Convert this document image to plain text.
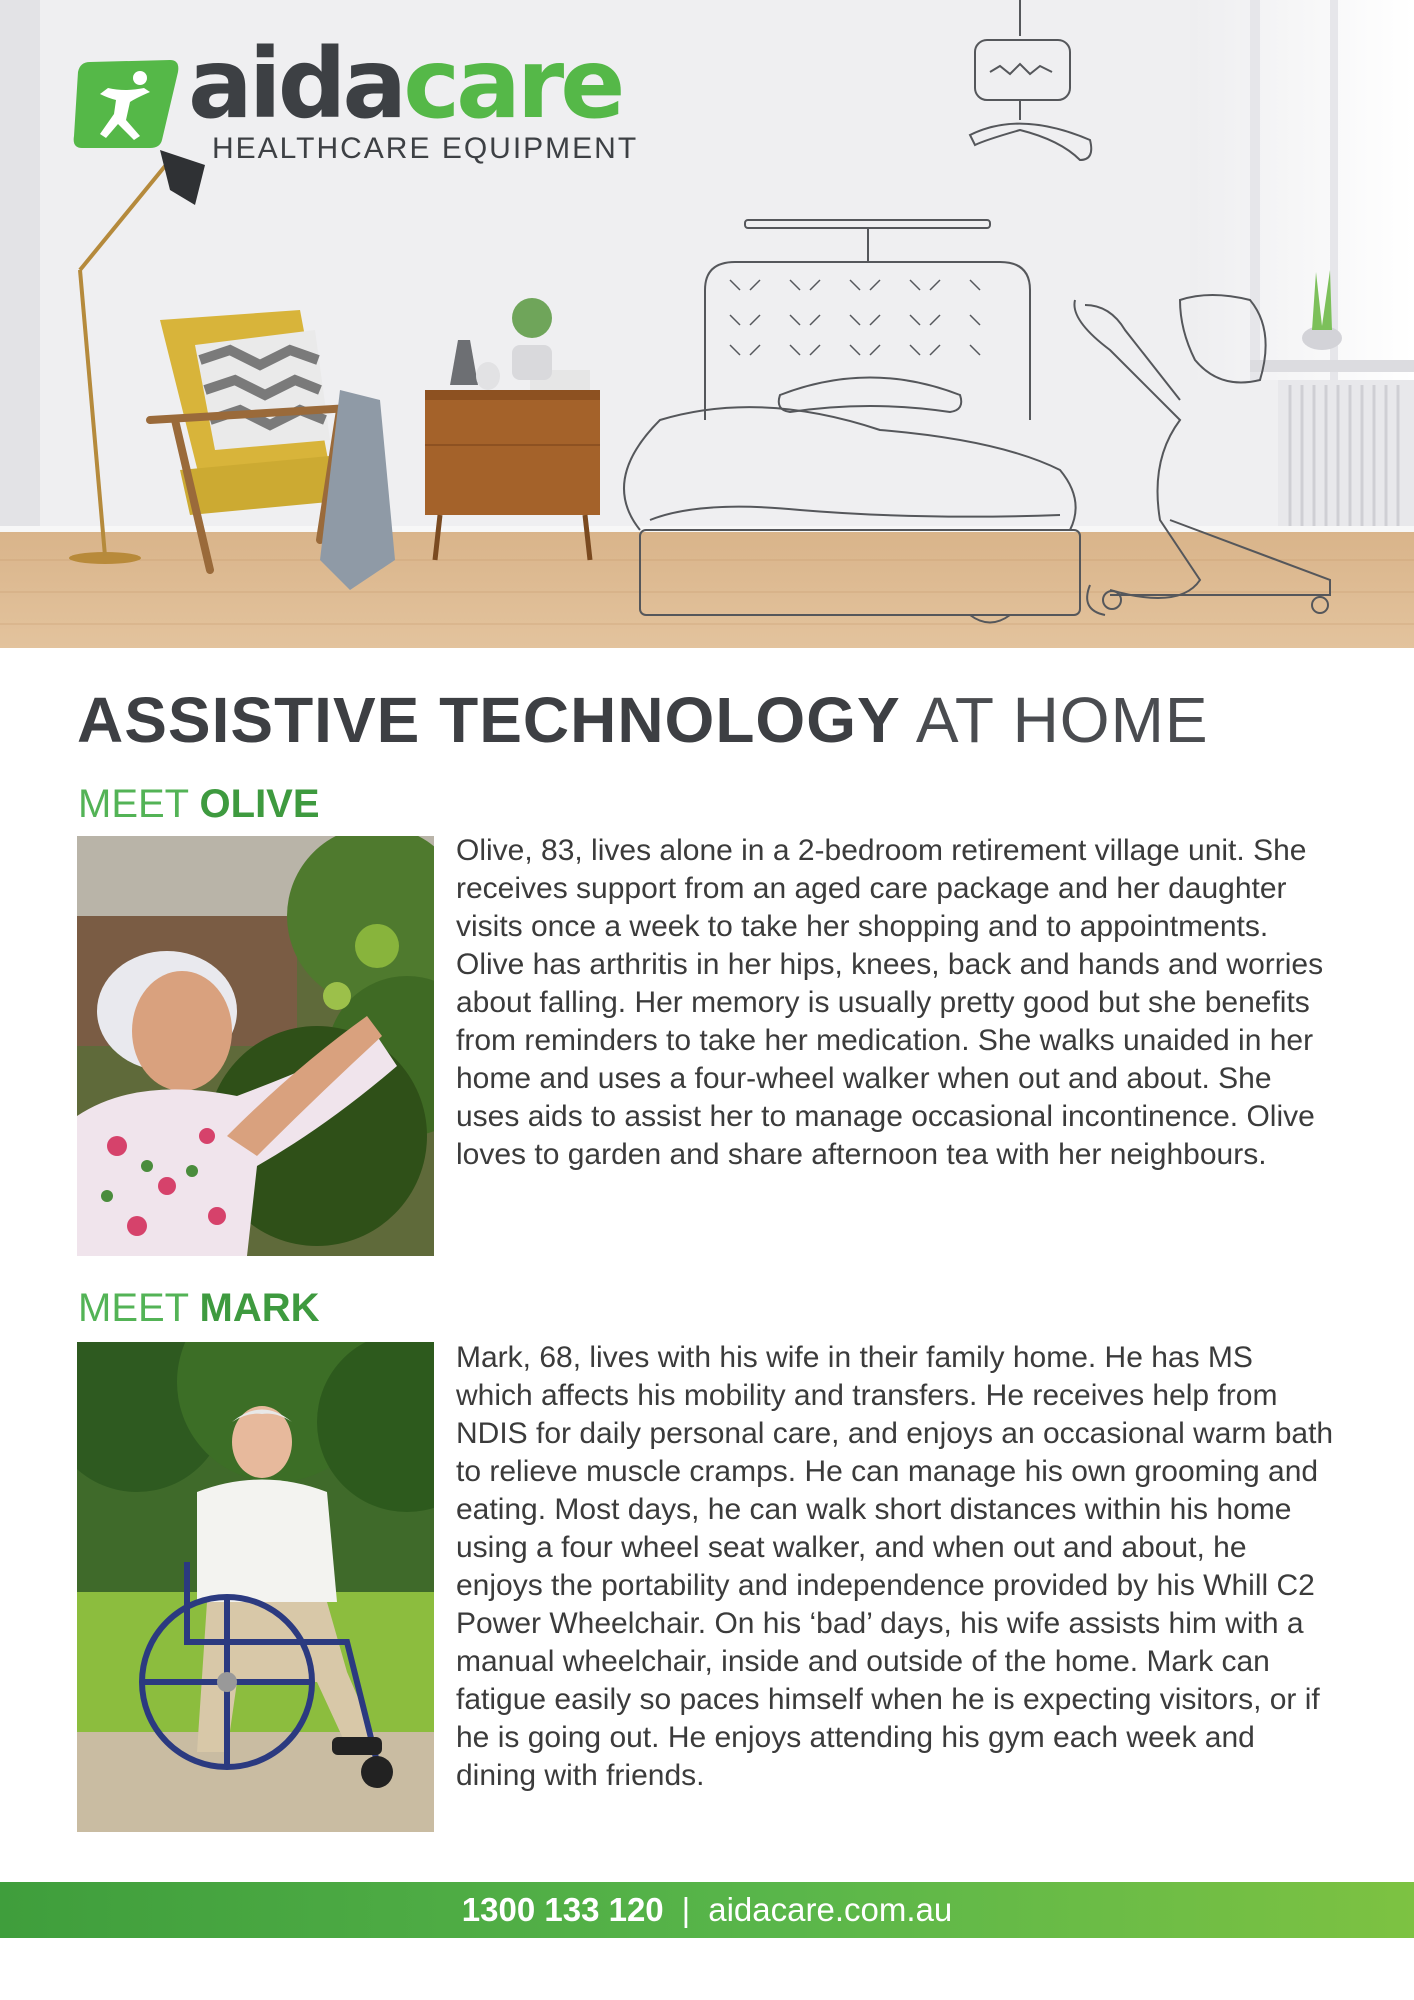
aidacare
HEALTHCARE EQUIPMENT
ASSISTIVE TECHNOLOGY AT HOME
MEET OLIVE

Olive, 83, lives alone in a 2-bedroom retirement village unit. She receives support from an aged care package and her daughter visits once a week to take her shopping and to appointments. Olive has arthritis in her hips, knees, back and hands and worries about falling. Her memory is usually pretty good but she benefits from reminders to take her medication. She walks unaided in her home and uses a four-wheel walker when out and about. She uses aids to assist her to manage occasional incontinence. Olive loves to garden and share afternoon tea with her neighbours.

MEET MARK

Mark, 68, lives with his wife in their family home. He has MS which affects his mobility and transfers. He receives help from NDIS for daily personal care, and enjoys an occasional warm bath to relieve muscle cramps. He can manage his own grooming and eating. Most days, he can walk short distances within his home using a four wheel seat walker, and when out and about, he enjoys the portability and independence provided by his Whill C2 Power Wheelchair. On his ‘bad’ days, his wife assists him with a manual wheelchair, inside and outside of the home. Mark can fatigue easily so paces himself when he is expecting visitors, or if he is going out. He enjoys attending his gym each week and dining with friends.

1300 133 120 | aidacare.com.au
